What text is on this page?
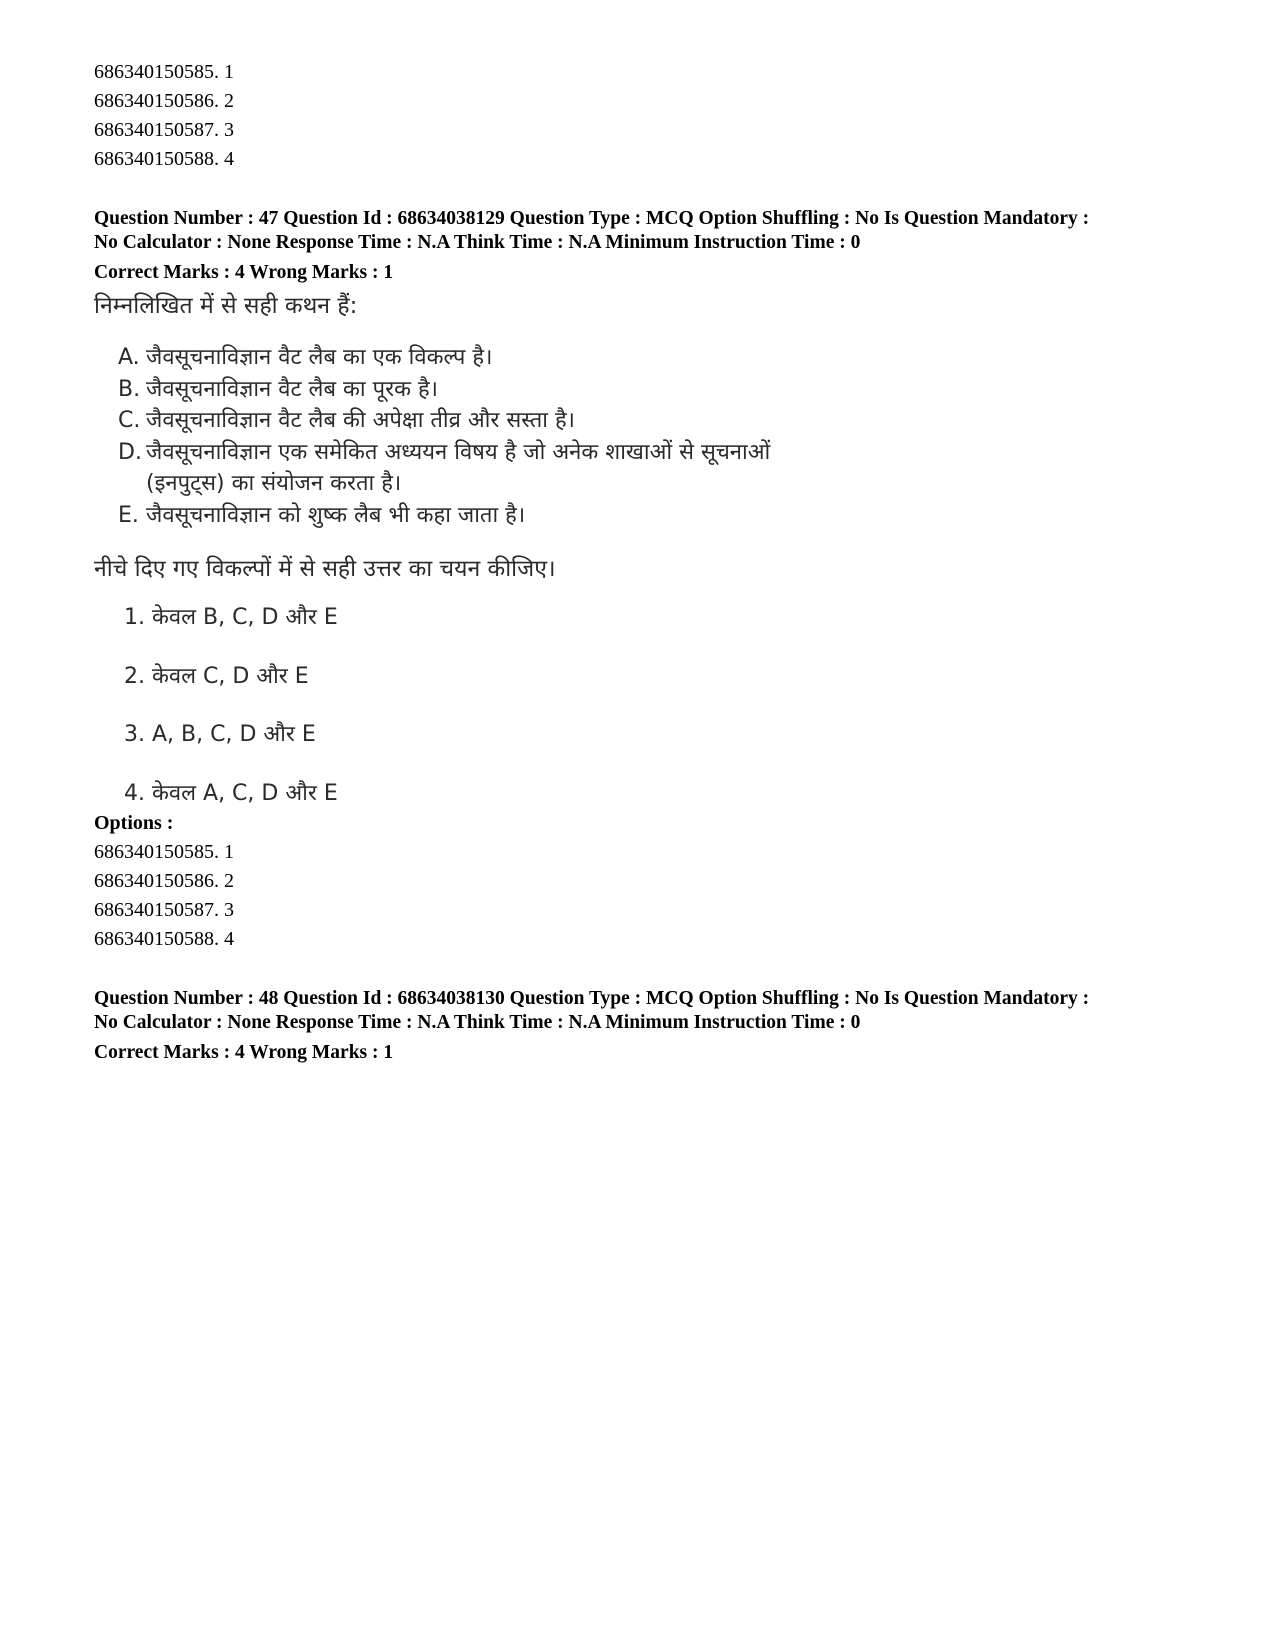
686340150585. 1
686340150586. 2
686340150587. 3
686340150588. 4
Question Number : 47 Question Id : 68634038129 Question Type : MCQ Option Shuffling : No Is Question Mandatory :
No Calculator : None Response Time : N.A Think Time : N.A Minimum Instruction Time : 0
Correct Marks : 4 Wrong Marks : 1
निम्नलिखित में से सही कथन हैं:
A. जैवसूचनाविज्ञान वैट लैब का एक विकल्प है।
B. जैवसूचनाविज्ञान वैट लैब का पूरक है।
C. जैवसूचनाविज्ञान वैट लैब की अपेक्षा तीव्र और सस्ता है।
D. जैवसूचनाविज्ञान एक समेकित अध्ययन विषय है जो अनेक शाखाओं से सूचनाओं
(इनपुट्स) का संयोजन करता है।
E. जैवसूचनाविज्ञान को शुष्क लैब भी कहा जाता है।
नीचे दिए गए विकल्पों में से सही उत्तर का चयन कीजिए।
1. केवल B, C, D और E
2. केवल C, D और E
3. A, B, C, D और E
4. केवल A, C, D और E
Options :
686340150585. 1
686340150586. 2
686340150587. 3
686340150588. 4
Question Number : 48 Question Id : 68634038130 Question Type : MCQ Option Shuffling : No Is Question Mandatory :
No Calculator : None Response Time : N.A Think Time : N.A Minimum Instruction Time : 0
Correct Marks : 4 Wrong Marks : 1
